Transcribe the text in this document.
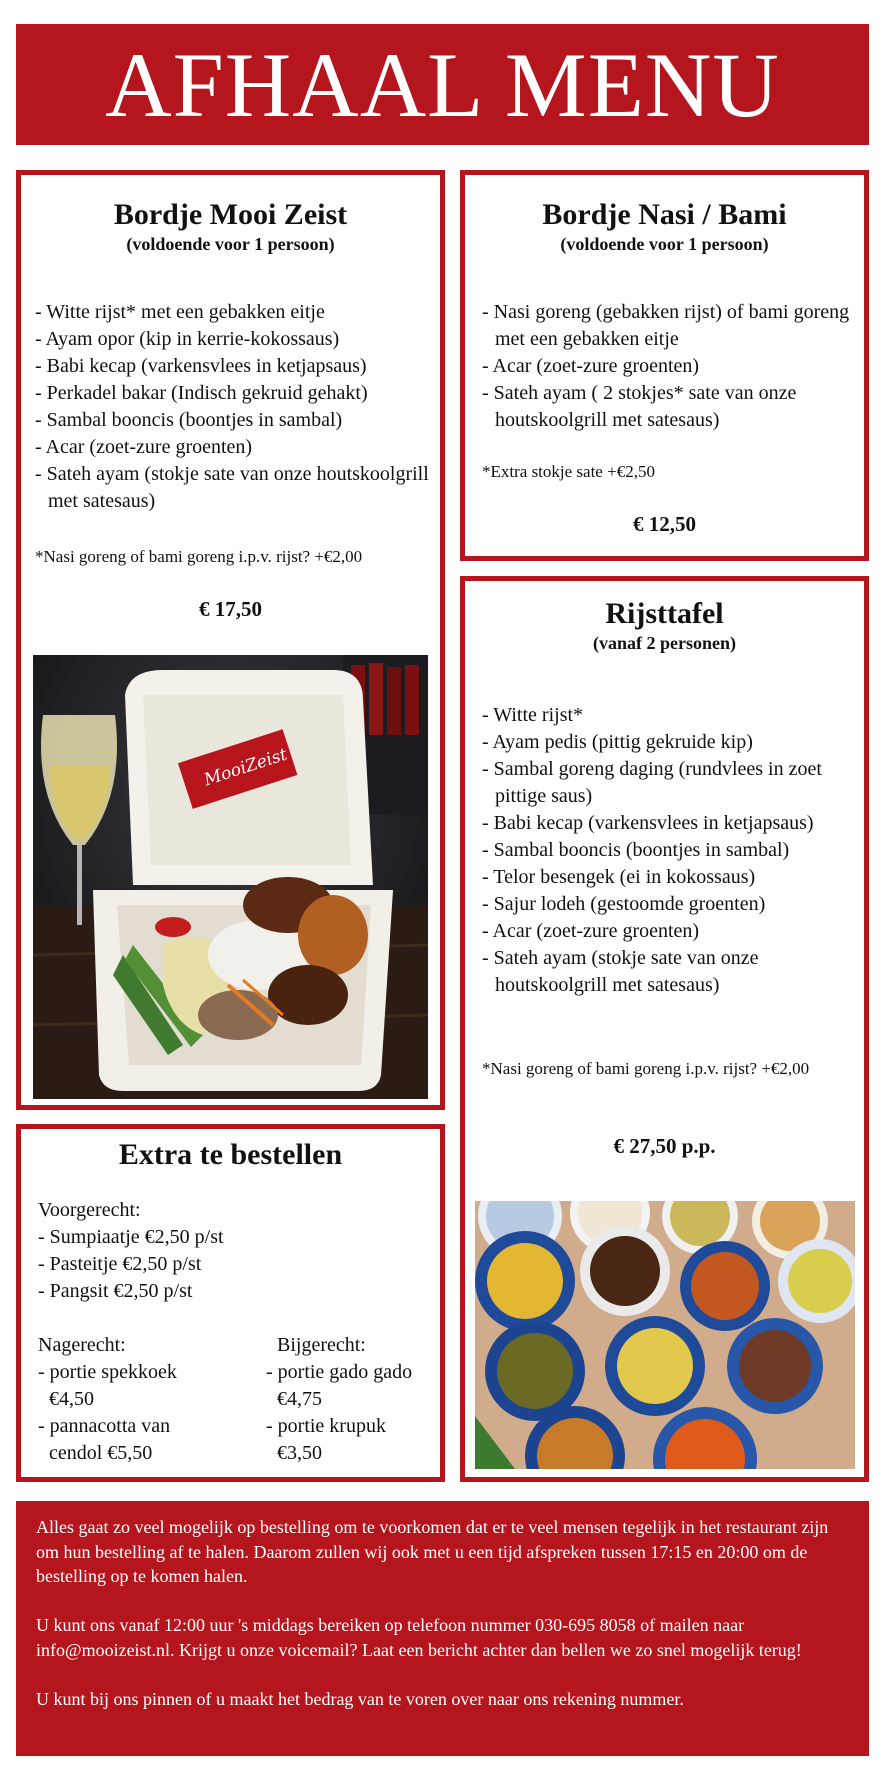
AFHAAL MENU
Bordje Mooi Zeist
(voldoende voor 1 persoon)
- Witte rijst* met een gebakken eitje
- Ayam opor (kip in kerrie-kokossaus)
- Babi kecap (varkensvlees in ketjapsaus)
- Perkadel bakar (Indisch gekruid gehakt)
- Sambal booncis (boontjes in sambal)
- Acar (zoet-zure groenten)
- Sateh ayam (stokje sate van onze houtskoolgrill met satesaus)
*Nasi goreng of bami goreng i.p.v. rijst? +€2,00
€ 17,50
MooiZeist
Bordje Nasi / Bami
(voldoende voor 1 persoon)
- Nasi goreng (gebakken rijst) of bami goreng met een gebakken eitje
- Acar (zoet-zure groenten)
- Sateh ayam ( 2 stokjes* sate van onze houtskoolgrill met satesaus)
*Extra stokje sate +€2,50
€ 12,50
Rijsttafel
(vanaf 2 personen)
- Witte rijst*
- Ayam pedis (pittig gekruide kip)
- Sambal goreng daging (rundvlees in zoet pittige saus)
- Babi kecap (varkensvlees in ketjapsaus)
- Sambal booncis (boontjes in sambal)
- Telor besengek (ei in kokossaus)
- Sajur lodeh (gestoomde groenten)
- Acar (zoet-zure groenten)
- Sateh ayam (stokje sate van onze houtskoolgrill met satesaus)
*Nasi goreng of bami goreng i.p.v. rijst? +€2,00
€ 27,50 p.p.
Extra te bestellen
Voorgerecht:
- Sumpiaatje €2,50 p/st
- Pasteitje €2,50 p/st
- Pangsit €2,50 p/st
Nagerecht:
- portie spekkoek €4,50
- pannacotta van cendol €5,50
Bijgerecht:
- portie gado gado €4,75
- portie krupuk €3,50

Alles gaat zo veel mogelijk op bestelling om te voorkomen dat er te veel mensen tegelijk in het restaurant zijn om hun bestelling af te halen. Daarom zullen wij ook met u een tijd afspreken tussen 17:15 en 20:00 om de bestelling op te komen halen.

U kunt ons vanaf 12:00 uur 's middags bereiken op telefoon nummer 030-695 8058 of mailen naar info@mooizeist.nl. Krijgt u onze voicemail? Laat een bericht achter dan bellen we zo snel mogelijk terug!

U kunt bij ons pinnen of u maakt het bedrag van te voren over naar ons rekening nummer.
